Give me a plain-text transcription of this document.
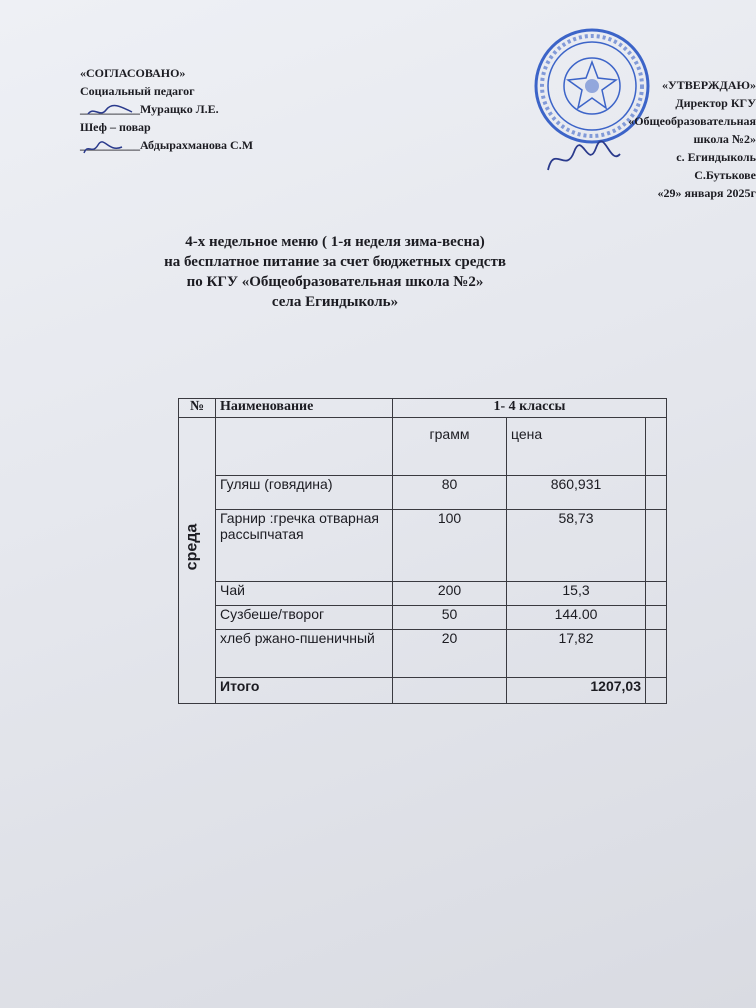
«СОГЛАСОВАНО»
Социальный педагог
__________Муращко Л.Е.
Шеф – повар
__________Абдырахманова С.М
«УТВЕРЖДАЮ»
Директор КГУ
«Общеобразовательная
школа №2»
с. Егиндыколь
С.Бутькове
«29» января 2025г
4-х недельное меню ( 1-я неделя зима-весна)
на бесплатное питание за счет бюджетных средств
по КГУ «Общеобразовательная школа №2»
села Егиндыколь»
№	Наименование	1- 4 классы		

среда		грамм	цена	
	Гуляш (говядина)	80	860,931	
	Гарнир :гречка отварная рассыпчатая	100	58,73	
	Чай	200	15,3	
	Сузбеше/творог	50	144.00	
	хлеб ржано-пшеничный	20	17,82	
	Итого		1207,03	
